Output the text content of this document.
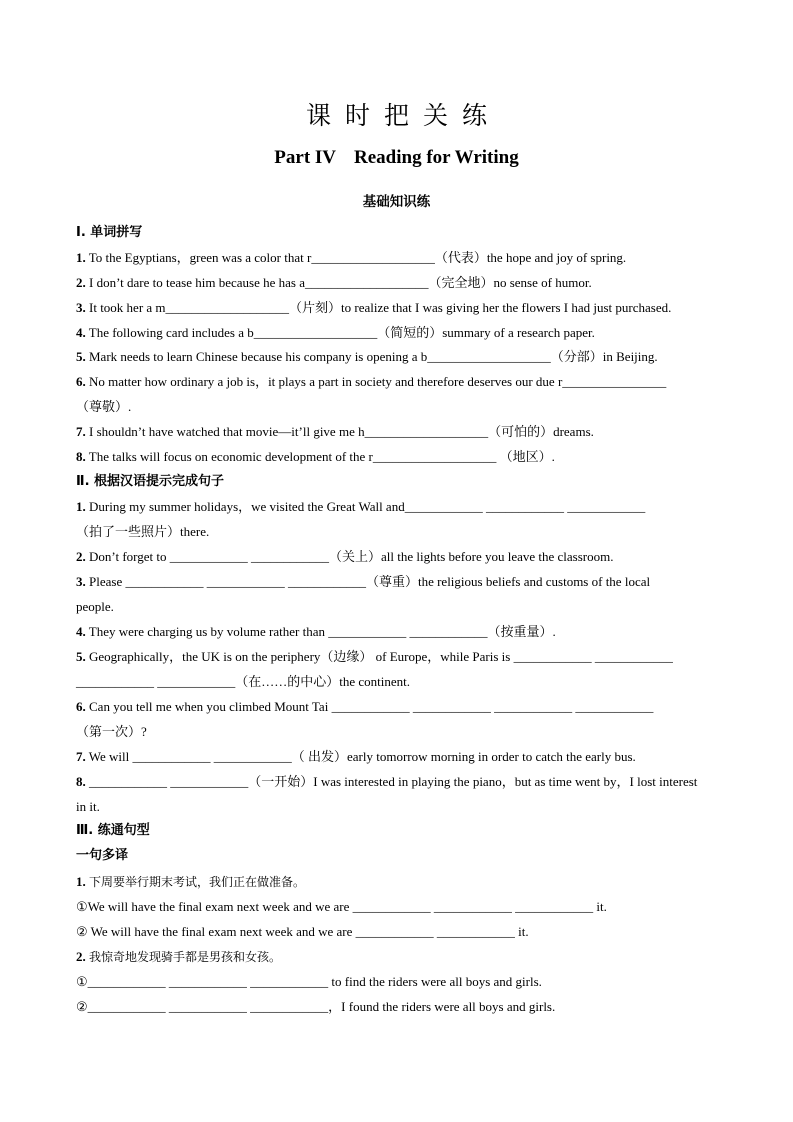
课时把关练
Part IV Reading for Writing
基础知识练
Ⅰ. 单词拼写
1. To the Egyptians，green was a color that r___________________（代表）the hope and joy of spring.
2. I don’t dare to tease him because he has a___________________（完全地）no sense of humor.
3. It took her a m___________________（片刻）to realize that I was giving her the flowers I had just purchased.
4. The following card includes a b___________________（简短的）summary of a research paper.
5. Mark needs to learn Chinese because his company is opening a b___________________（分部）in Beijing.
6. No matter how ordinary a job is，it plays a part in society and therefore deserves our due r________________
（尊敬）.
7. I shouldn’t have watched that movie—it’ll give me h___________________（可怕的）dreams.
8. The talks will focus on economic development of the r___________________ （地区）.
Ⅱ. 根据汉语提示完成句子
1. During my summer holidays，we visited the Great Wall and____________ ____________ ____________
（拍了一些照片）there.
2. Don’t forget to ____________ ____________（关上）all the lights before you leave the classroom.
3. Please ____________ ____________ ____________（尊重）the religious beliefs and customs of the local
people.
4. They were charging us by volume rather than ____________ ____________（按重量）.
5. Geographically，the UK is on the periphery（边缘） of Europe，while Paris is ____________ ____________
____________ ____________（在……的中心）the continent.
6. Can you tell me when you climbed Mount Tai ____________ ____________ ____________ ____________
（第一次）?
7. We will ____________ ____________（ 出发）early tomorrow morning in order to catch the early bus.
8. ____________ ____________（一开始）I was interested in playing the piano，but as time went by，I lost interest
in it.
Ⅲ. 练通句型
一句多译
1. 下周要举行期末考试，我们正在做准备。
①We will have the final exam next week and we are ____________ ____________ ____________ it.
② We will have the final exam next week and we are ____________ ____________ it.
2. 我惊奇地发现骑手都是男孩和女孩。
①____________ ____________ ____________ to find the riders were all boys and girls.
②____________ ____________ ____________，I found the riders were all boys and girls.
